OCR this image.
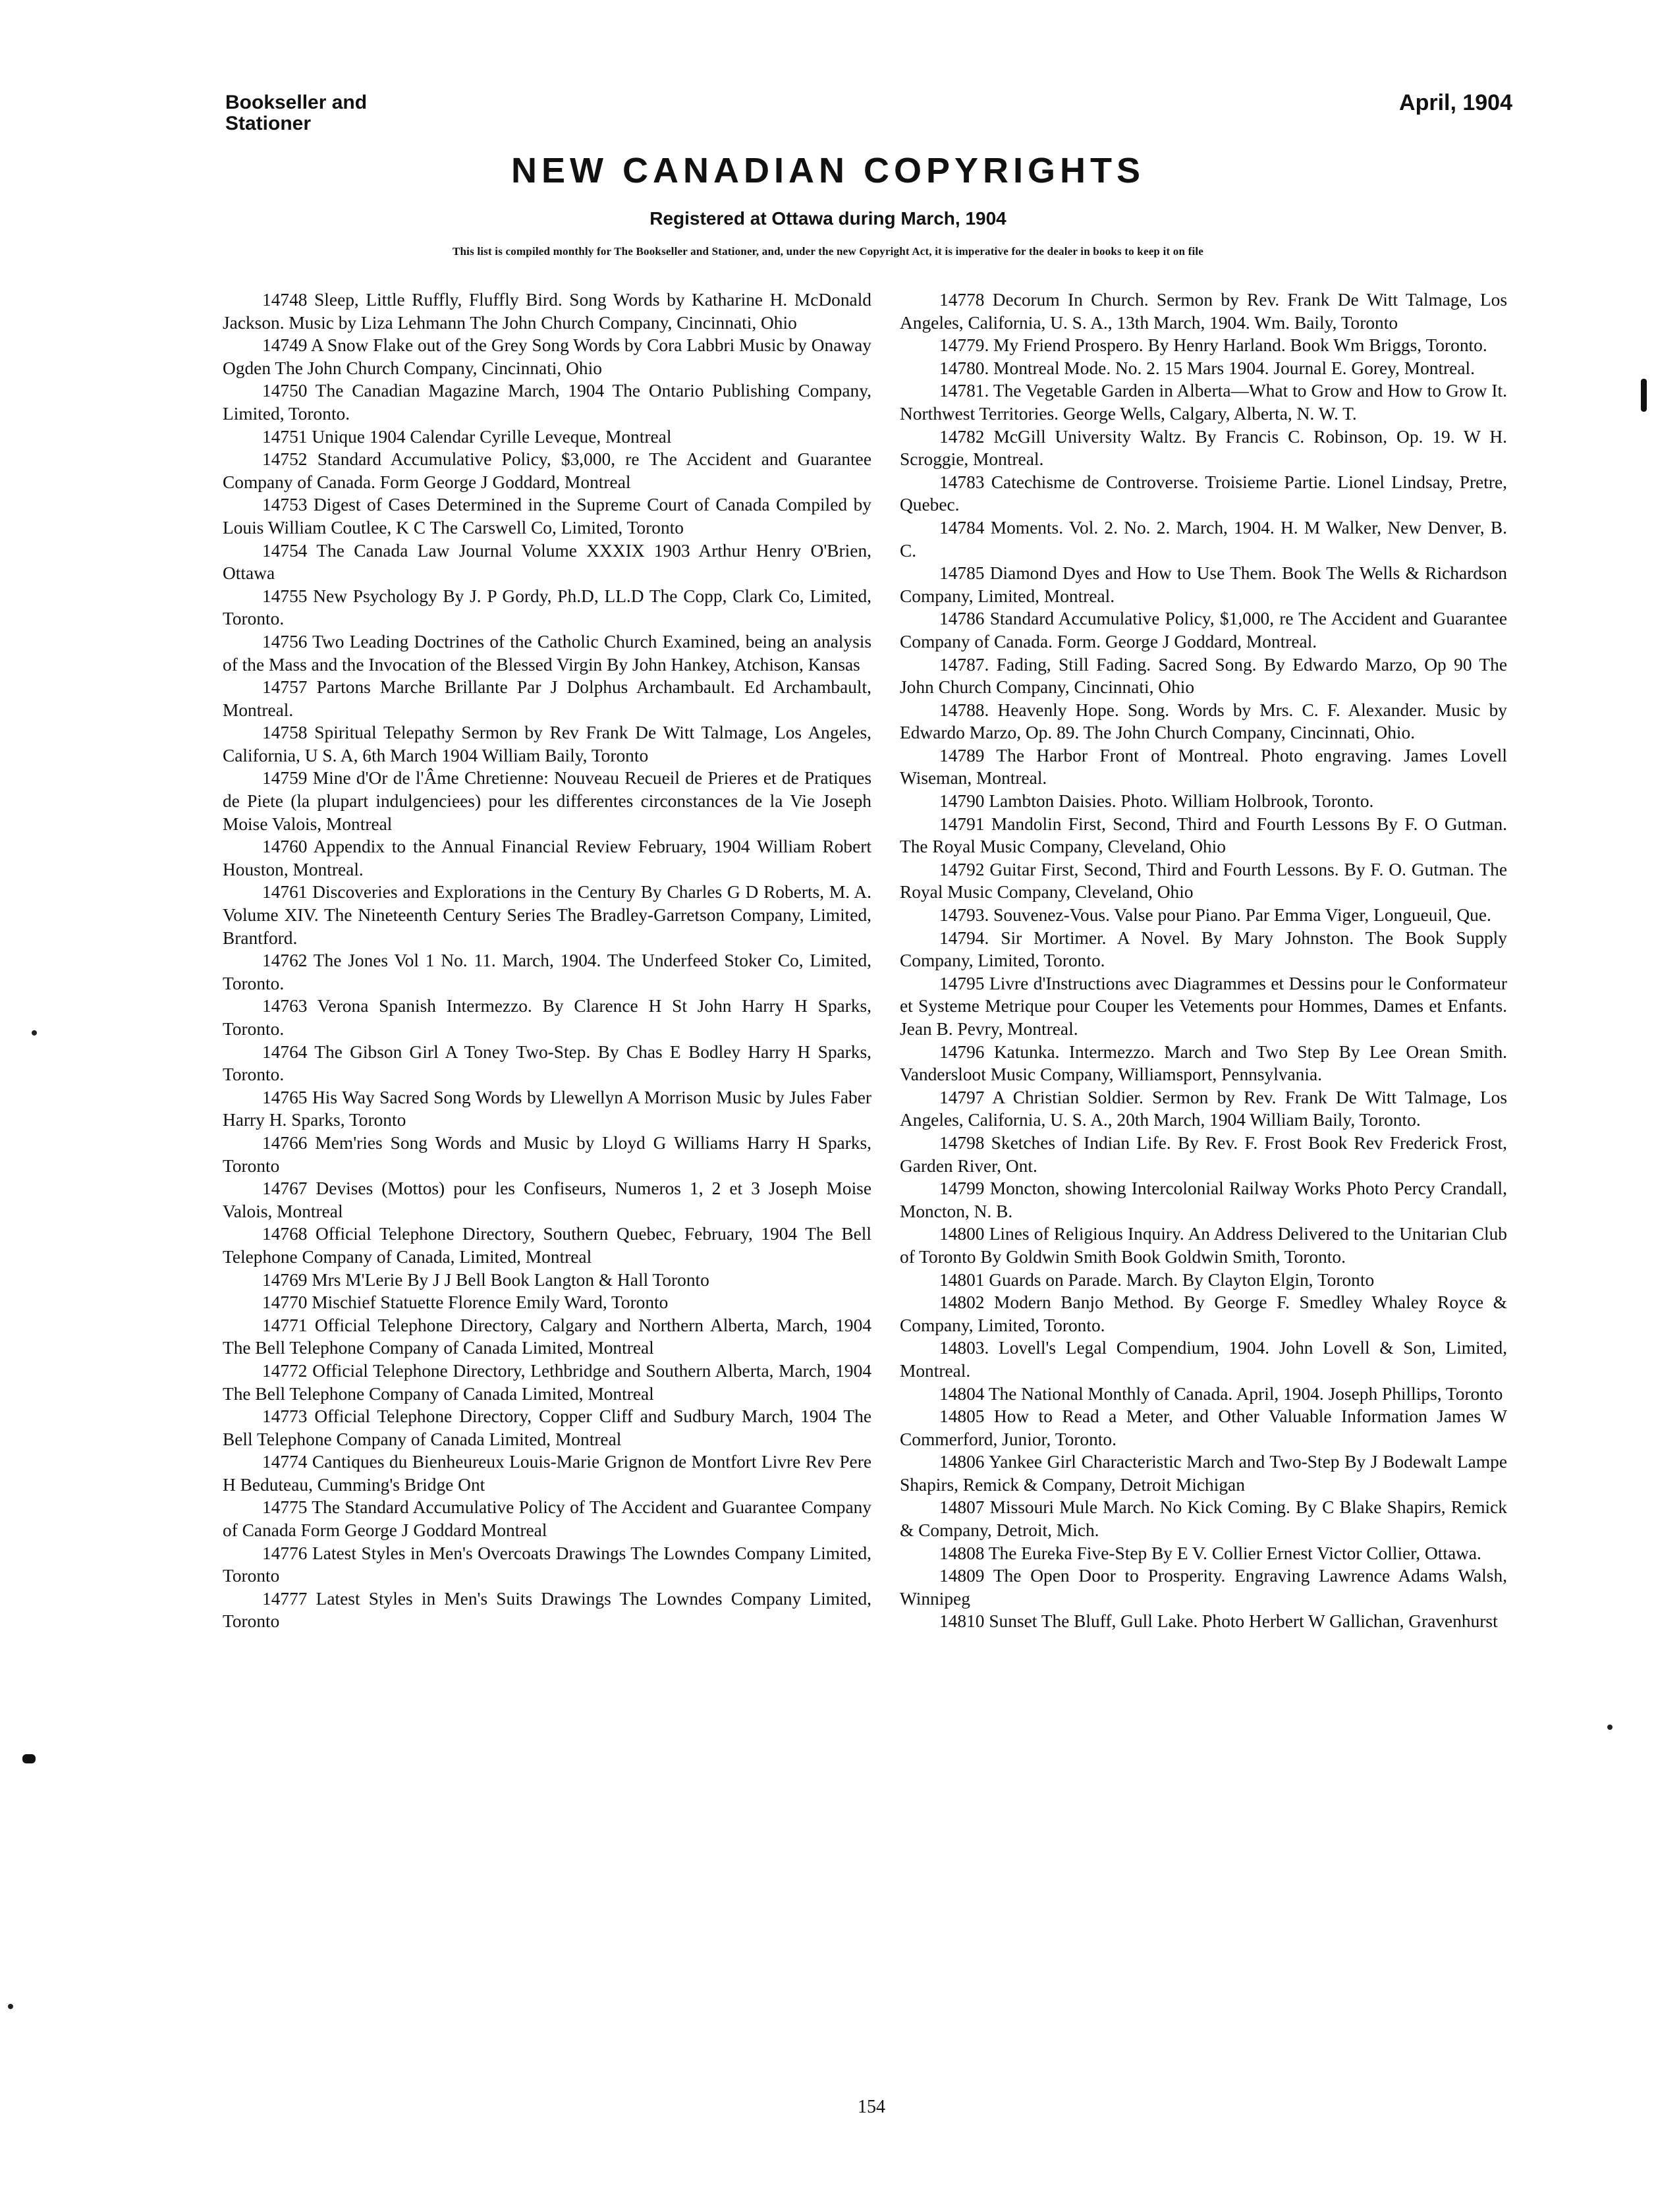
Bookseller and
Stationer
April, 1904
NEW CANADIAN COPYRIGHTS
Registered at Ottawa during March, 1904
This list is compiled monthly for The Bookseller and Stationer, and, under the new Copyright Act, it is imperative for the dealer in books to keep it on file

14748 Sleep, Little Ruffly, Fluffly Bird. Song Words by Katharine H. McDonald Jackson. Music by Liza Lehmann The John Church Company, Cincinnati, Ohio

14749 A Snow Flake out of the Grey Song Words by Cora Labbri Music by Onaway Ogden The John Church Company, Cincinnati, Ohio

14750 The Canadian Magazine March, 1904 The Ontario Publishing Company, Limited, Toronto.

14751 Unique 1904 Calendar Cyrille Leveque, Montreal

14752 Standard Accumulative Policy, $3,000, re The Accident and Guarantee Company of Canada. Form George J Goddard, Montreal

14753 Digest of Cases Determined in the Supreme Court of Canada Compiled by Louis William Coutlee, K C The Carswell Co, Limited, Toronto

14754 The Canada Law Journal Volume XXXIX 1903 Arthur Henry O'Brien, Ottawa

14755 New Psychology By J. P Gordy, Ph.D, LL.D The Copp, Clark Co, Limited, Toronto.

14756 Two Leading Doctrines of the Catholic Church Examined, being an analysis of the Mass and the Invocation of the Blessed Virgin By John Hankey, Atchison, Kansas

14757 Partons Marche Brillante Par J Dolphus Archambault. Ed Archambault, Montreal.

14758 Spiritual Telepathy Sermon by Rev Frank De Witt Talmage, Los Angeles, California, U S. A, 6th March 1904 William Baily, Toronto

14759 Mine d'Or de l'Âme Chretienne: Nouveau Recueil de Prieres et de Pratiques de Piete (la plupart indulgenciees) pour les differentes circonstances de la Vie Joseph Moise Valois, Montreal

14760 Appendix to the Annual Financial Review February, 1904 William Robert Houston, Montreal.

14761 Discoveries and Explorations in the Century By Charles G D Roberts, M. A. Volume XIV. The Nineteenth Century Series The Bradley-Garretson Company, Limited, Brantford.

14762 The Jones Vol 1 No. 11. March, 1904. The Underfeed Stoker Co, Limited, Toronto.

14763 Verona Spanish Intermezzo. By Clarence H St John Harry H Sparks, Toronto.

14764 The Gibson Girl A Toney Two-Step. By Chas E Bodley Harry H Sparks, Toronto.

14765 His Way Sacred Song Words by Llewellyn A Morrison Music by Jules Faber Harry H. Sparks, Toronto

14766 Mem'ries Song Words and Music by Lloyd G Williams Harry H Sparks, Toronto

14767 Devises (Mottos) pour les Confiseurs, Numeros 1, 2 et 3 Joseph Moise Valois, Montreal

14768 Official Telephone Directory, Southern Quebec, February, 1904 The Bell Telephone Company of Canada, Limited, Montreal

14769 Mrs M'Lerie By J J Bell Book Langton & Hall Toronto

14770 Mischief Statuette Florence Emily Ward, Toronto

14771 Official Telephone Directory, Calgary and Northern Alberta, March, 1904 The Bell Telephone Company of Canada Limited, Montreal

14772 Official Telephone Directory, Lethbridge and Southern Alberta, March, 1904 The Bell Telephone Company of Canada Limited, Montreal

14773 Official Telephone Directory, Copper Cliff and Sudbury March, 1904 The Bell Telephone Company of Canada Limited, Montreal

14774 Cantiques du Bienheureux Louis-Marie Grignon de Montfort Livre Rev Pere H Beduteau, Cumming's Bridge Ont

14775 The Standard Accumulative Policy of The Accident and Guarantee Company of Canada Form George J Goddard Montreal

14776 Latest Styles in Men's Overcoats Drawings The Lowndes Company Limited, Toronto

14777 Latest Styles in Men's Suits Drawings The Lowndes Company Limited, Toronto

14778 Decorum In Church. Sermon by Rev. Frank De Witt Talmage, Los Angeles, California, U. S. A., 13th March, 1904. Wm. Baily, Toronto

14779. My Friend Prospero. By Henry Harland. Book Wm Briggs, Toronto.

14780. Montreal Mode. No. 2. 15 Mars 1904. Journal E. Gorey, Montreal.

14781. The Vegetable Garden in Alberta—What to Grow and How to Grow It. Northwest Territories. George Wells, Calgary, Alberta, N. W. T.

14782 McGill University Waltz. By Francis C. Robinson, Op. 19. W H. Scroggie, Montreal.

14783 Catechisme de Controverse. Troisieme Partie. Lionel Lindsay, Pretre, Quebec.

14784 Moments. Vol. 2. No. 2. March, 1904. H. M Walker, New Denver, B. C.

14785 Diamond Dyes and How to Use Them. Book The Wells & Richardson Company, Limited, Montreal.

14786 Standard Accumulative Policy, $1,000, re The Accident and Guarantee Company of Canada. Form. George J Goddard, Montreal.

14787. Fading, Still Fading. Sacred Song. By Edwardo Marzo, Op 90 The John Church Company, Cincinnati, Ohio

14788. Heavenly Hope. Song. Words by Mrs. C. F. Alexander. Music by Edwardo Marzo, Op. 89. The John Church Company, Cincinnati, Ohio.

14789 The Harbor Front of Montreal. Photo engraving. James Lovell Wiseman, Montreal.

14790 Lambton Daisies. Photo. William Holbrook, Toronto.

14791 Mandolin First, Second, Third and Fourth Lessons By F. O Gutman. The Royal Music Company, Cleveland, Ohio

14792 Guitar First, Second, Third and Fourth Lessons. By F. O. Gutman. The Royal Music Company, Cleveland, Ohio

14793. Souvenez-Vous. Valse pour Piano. Par Emma Viger, Longueuil, Que.

14794. Sir Mortimer. A Novel. By Mary Johnston. The Book Supply Company, Limited, Toronto.

14795 Livre d'Instructions avec Diagrammes et Dessins pour le Conformateur et Systeme Metrique pour Couper les Vetements pour Hommes, Dames et Enfants. Jean B. Pevry, Montreal.

14796 Katunka. Intermezzo. March and Two Step By Lee Orean Smith. Vandersloot Music Company, Williamsport, Pennsylvania.

14797 A Christian Soldier. Sermon by Rev. Frank De Witt Talmage, Los Angeles, California, U. S. A., 20th March, 1904 William Baily, Toronto.

14798 Sketches of Indian Life. By Rev. F. Frost Book Rev Frederick Frost, Garden River, Ont.

14799 Moncton, showing Intercolonial Railway Works Photo Percy Crandall, Moncton, N. B.

14800 Lines of Religious Inquiry. An Address Delivered to the Unitarian Club of Toronto By Goldwin Smith Book Goldwin Smith, Toronto.

14801 Guards on Parade. March. By Clayton Elgin, Toronto

14802 Modern Banjo Method. By George F. Smedley Whaley Royce & Company, Limited, Toronto.

14803. Lovell's Legal Compendium, 1904. John Lovell & Son, Limited, Montreal.

14804 The National Monthly of Canada. April, 1904. Joseph Phillips, Toronto

14805 How to Read a Meter, and Other Valuable Information James W Commerford, Junior, Toronto.

14806 Yankee Girl Characteristic March and Two-Step By J Bodewalt Lampe Shapirs, Remick & Company, Detroit Michigan

14807 Missouri Mule March. No Kick Coming. By C Blake Shapirs, Remick & Company, Detroit, Mich.

14808 The Eureka Five-Step By E V. Collier Ernest Victor Collier, Ottawa.

14809 The Open Door to Prosperity. Engraving Lawrence Adams Walsh, Winnipeg

14810 Sunset The Bluff, Gull Lake. Photo Herbert W Gallichan, Gravenhurst

154
